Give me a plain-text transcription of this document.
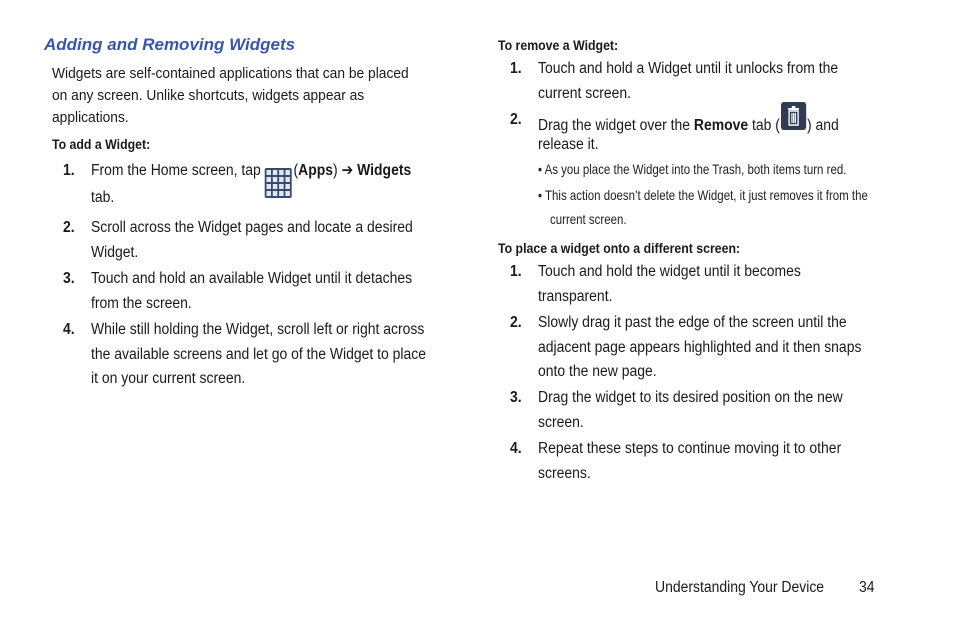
Adding and Removing Widgets
Widgets are self-contained applications that can be placed on any screen. Unlike shortcuts, widgets appear as applications.
To add a Widget:
1. From the Home screen, tap (Apps) ➔ Widgets
tab.
2. Scroll across the Widget pages and locate a desired
Widget.
3. Touch and hold an available Widget until it detaches
from the screen.
4. While still holding the Widget, scroll left or right across
the available screens and let go of the Widget to place
it on your current screen.
To remove a Widget:
1. Touch and hold a Widget until it unlocks from the
current screen.
2. Drag the widget over the Remove tab ( ) and
release it.
• As you place the Widget into the Trash, both items turn red.
• This action doesn’t delete the Widget, it just removes it from the
current screen.
To place a widget onto a different screen:
1. Touch and hold the widget until it becomes
transparent.
2. Slowly drag it past the edge of the screen until the
adjacent page appears highlighted and it then snaps
onto the new page.
3. Drag the widget to its desired position on the new
screen.
4. Repeat these steps to continue moving it to other
screens.
Understanding Your Device 34
